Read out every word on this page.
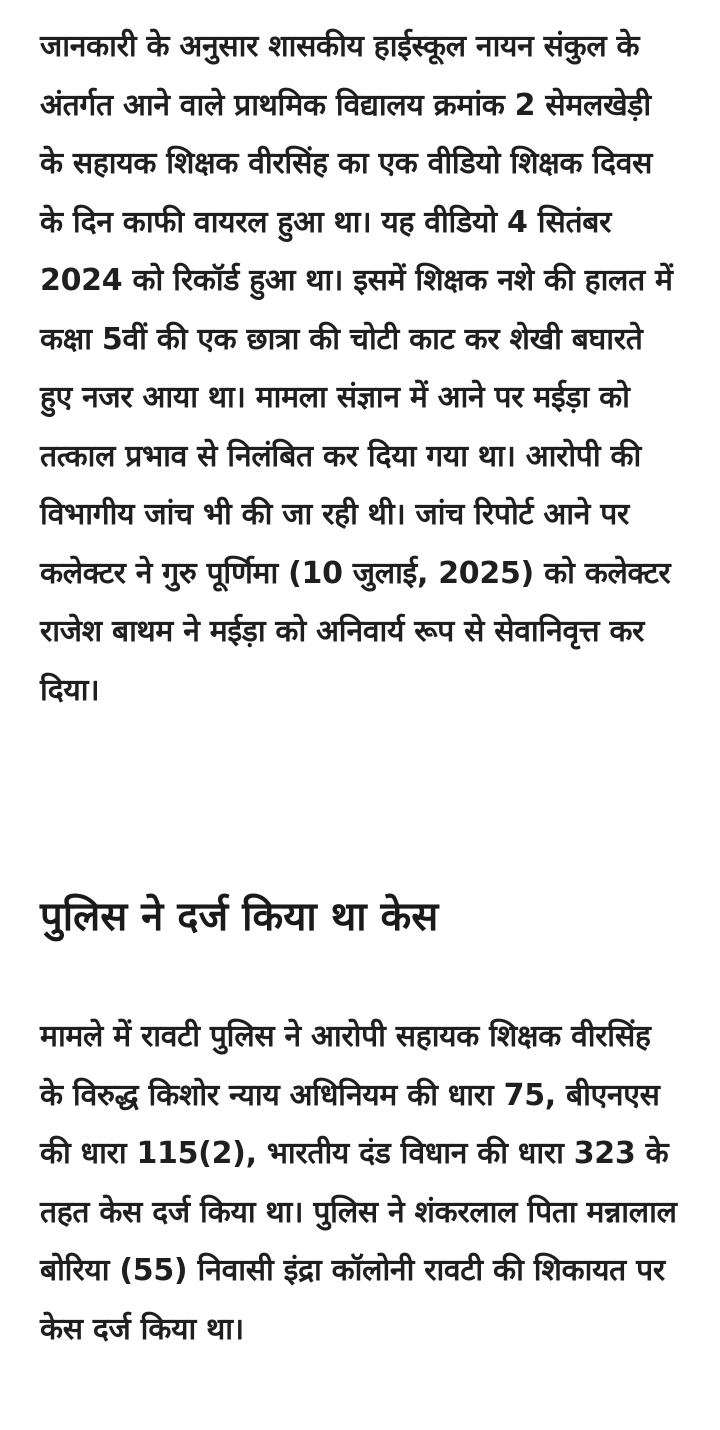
जानकारी के अनुसार शासकीय हाईस्कूल नायन संकुल के अंतर्गत आने वाले प्राथमिक विद्यालय क्रमांक 2 सेमलखेड़ी के सहायक शिक्षक वीरसिंह का एक वीडियो शिक्षक दिवस के दिन काफी वायरल हुआ था। यह वीडियो 4 सितंबर 2024 को रिकॉर्ड हुआ था। इसमें शिक्षक नशे की हालत में कक्षा 5वीं की एक छात्रा की चोटी काट कर शेखी बघारते हुए नजर आया था। मामला संज्ञान में आने पर मईड़ा को तत्काल प्रभाव से निलंबित कर दिया गया था। आरोपी की विभागीय जांच भी की जा रही थी। जांच रिपोर्ट आने पर कलेक्टर ने गुरु पूर्णिमा (10 जुलाई, 2025) को कलेक्टर राजेश बाथम ने मईड़ा को अनिवार्य रूप से सेवानिवृत्त कर दिया।

पुलिस ने दर्ज किया था केस

मामले में रावटी पुलिस ने आरोपी सहायक शिक्षक वीरसिंह के विरुद्ध किशोर न्याय अधिनियम की धारा 75, बीएनएस की धारा 115(2), भारतीय दंड विधान की धारा 323 के तहत केस दर्ज किया था। पुलिस ने शंकरलाल पिता मन्नालाल बोरिया (55) निवासी इंद्रा कॉलोनी रावटी की शिकायत पर केस दर्ज किया था।
